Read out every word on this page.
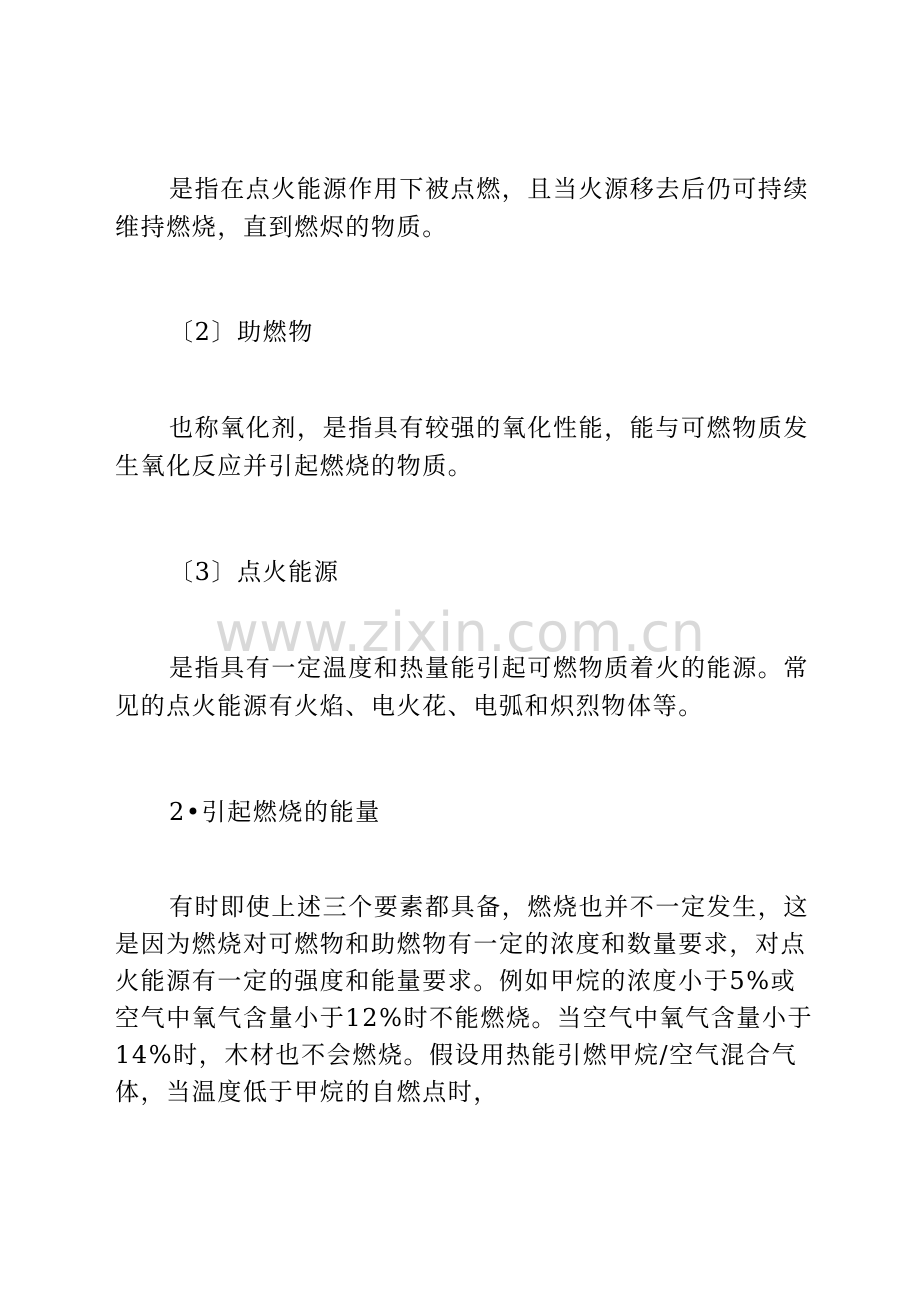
是指在点火能源作用下被点燃，且当火源移去后仍可持续维持燃烧，直到燃烬的物质。

〔2〕助燃物

也称氧化剂，是指具有较强的氧化性能，能与可燃物质发生氧化反应并引起燃烧的物质。

〔3〕点火能源

www.zixin.com.cn

是指具有一定温度和热量能引起可燃物质着火的能源。常见的点火能源有火焰、电火花、电弧和炽烈物体等。

2•引起燃烧的能量

有时即使上述三个要素都具备，燃烧也并不一定发生，这是因为燃烧对可燃物和助燃物有一定的浓度和数量要求，对点火能源有一定的强度和能量要求。例如甲烷的浓度小于5%或空气中氧气含量小于12%时不能燃烧。当空气中氧气含量小于14%时，木材也不会燃烧。假设用热能引燃甲烷/空气混合气体，当温度低于甲烷的自燃点时，
